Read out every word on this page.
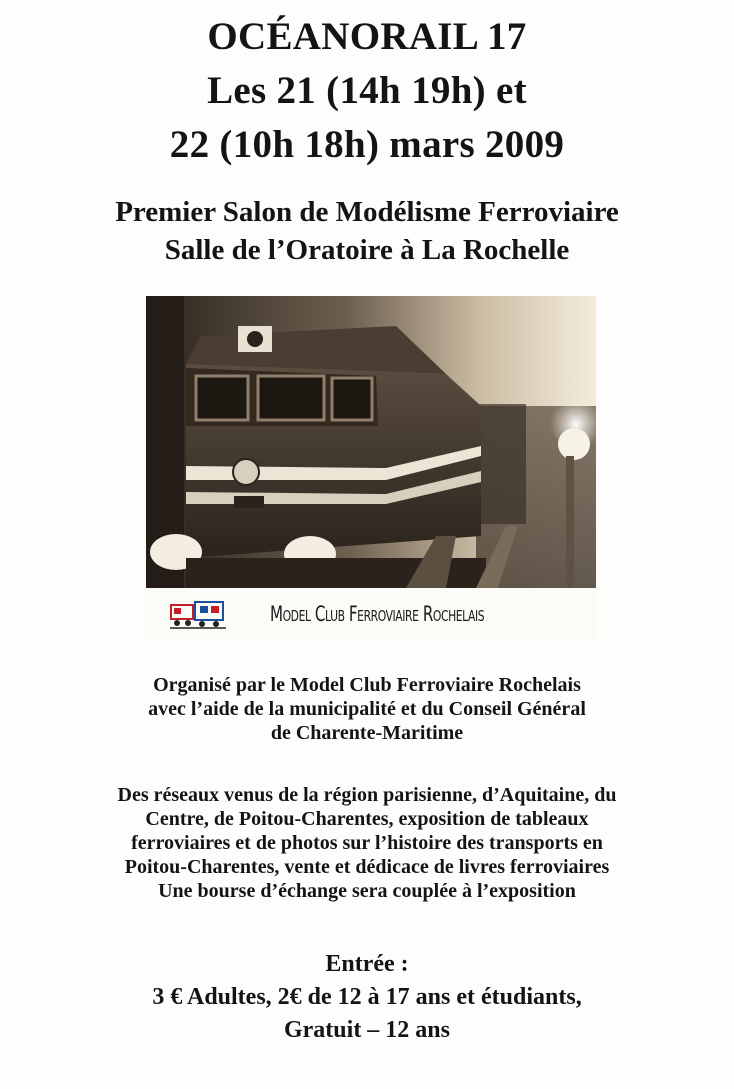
OCÉANORAIL 17
Les 21 (14h 19h) et
22 (10h 18h) mars 2009
Premier Salon de Modélisme Ferroviaire
Salle de l’Oratoire à La Rochelle
Model Club Ferroviaire Rochelais
Organisé par le Model Club Ferroviaire Rochelais
avec l’aide de la municipalité et du Conseil Général
de Charente-Maritime
Des réseaux venus de la région parisienne, d’Aquitaine, du
Centre, de Poitou-Charentes, exposition de tableaux
ferroviaires et de photos sur l’histoire des transports en
Poitou-Charentes, vente et dédicace de livres ferroviaires
Une bourse d’échange sera couplée à l’exposition
Entrée :
3 € Adultes, 2€ de 12 à 17 ans et étudiants,
Gratuit – 12 ans
